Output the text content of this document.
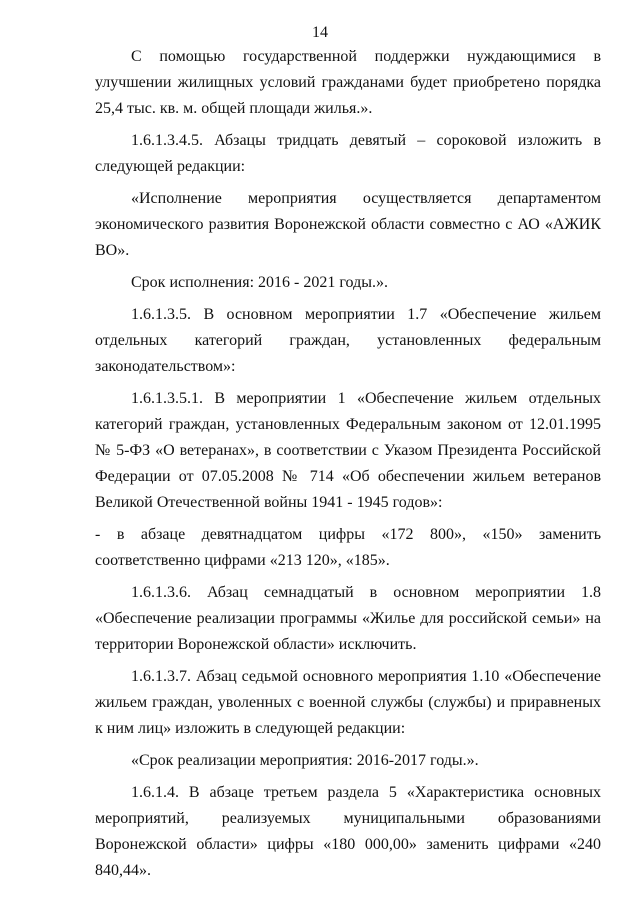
14

С помощью государственной поддержки нуждающимися в улучшении жилищных условий гражданами будет приобретено порядка 25,4 тыс. кв. м. общей площади жилья.».

1.6.1.3.4.5. Абзацы тридцать девятый – сороковой изложить в следующей редакции:

«Исполнение мероприятия осуществляется департаментом экономического развития Воронежской области совместно с АО «АЖИК ВО».

Срок исполнения: 2016 - 2021 годы.».

1.6.1.3.5. В основном мероприятии 1.7 «Обеспечение жильем отдельных категорий граждан, установленных федеральным законодательством»:

1.6.1.3.5.1. В мероприятии 1 «Обеспечение жильем отдельных категорий граждан, установленных Федеральным законом от 12.01.1995 № 5-ФЗ «О ветеранах», в соответствии с Указом Президента Российской Федерации от 07.05.2008 № 714 «Об обеспечении жильем ветеранов Великой Отечественной войны 1941 - 1945 годов»:

- в абзаце девятнадцатом цифры «172 800», «150» заменить соответственно цифрами «213 120», «185».

1.6.1.3.6. Абзац семнадцатый в основном мероприятии 1.8 «Обеспечение реализации программы «Жилье для российской семьи» на территории Воронежской области» исключить.

1.6.1.3.7. Абзац седьмой основного мероприятия 1.10 «Обеспечение жильем граждан, уволенных с военной службы (службы) и приравненых к ним лиц» изложить в следующей редакции:

«Срок реализации мероприятия: 2016-2017 годы.».

1.6.1.4. В абзаце третьем раздела 5 «Характеристика основных мероприятий, реализуемых муниципальными образованиями Воронежской области» цифры «180 000,00» заменить цифрами «240 840,44».
